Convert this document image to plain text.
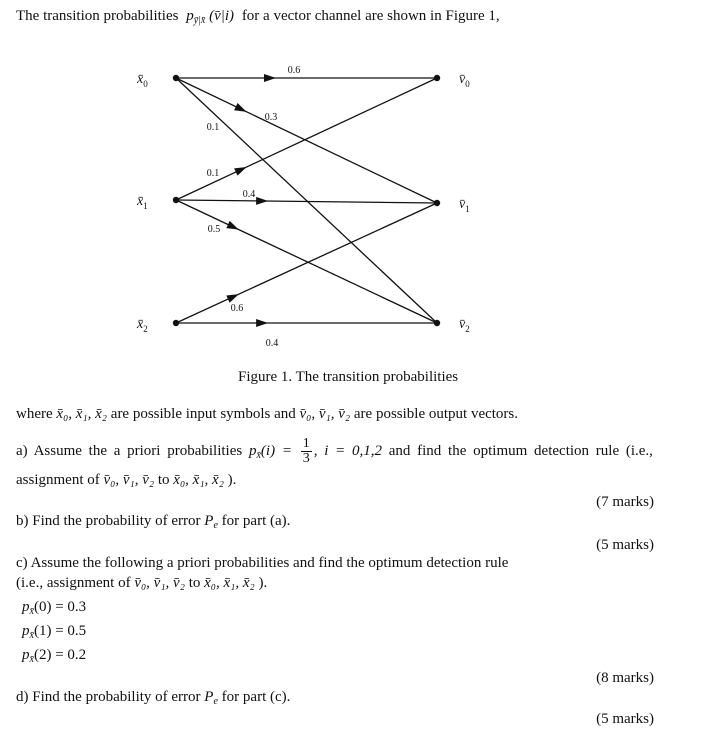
The transition probabilities $p_{ȳ|x̄}$ (v̄|i) for a vector channel are shown in Figure 1,
0.6
0.3
0.1
0.1
0.4
0.5
0.6
0.4
$x̄_0$
$x̄_1$
$x̄_2$
$v̄_0$
$v̄_1$
$v̄_2$
Figure 1. The transition probabilities
where x̄₀, x̄₁, x̄₂ are possible input symbols and v̄₀, v̄₁, v̄₂ are possible output vectors.
a) Assume the a priori probabilities $p_{x̄}(i) = \frac{1}{3}$ , i = 0,1,2 and find the optimum detection rule (i.e.,
assignment of v̄₀, v̄₁, v̄₂ to x̄₀, x̄₁, x̄₂ ).
(7 marks)
b) Find the probability of error $P_e$ for part (a).
(5 marks)
c) Assume the following a priori probabilities and find the optimum detection rule
(i.e., assignment of v̄₀, v̄₁, v̄₂ to x̄₀, x̄₁, x̄₂ ).
$p_{x̄}(0) = 0.3$
$p_{x̄}(1) = 0.5$
$p_{x̄}(2) = 0.2$
(8 marks)
d) Find the probability of error $P_e$ for part (c).
(5 marks)
